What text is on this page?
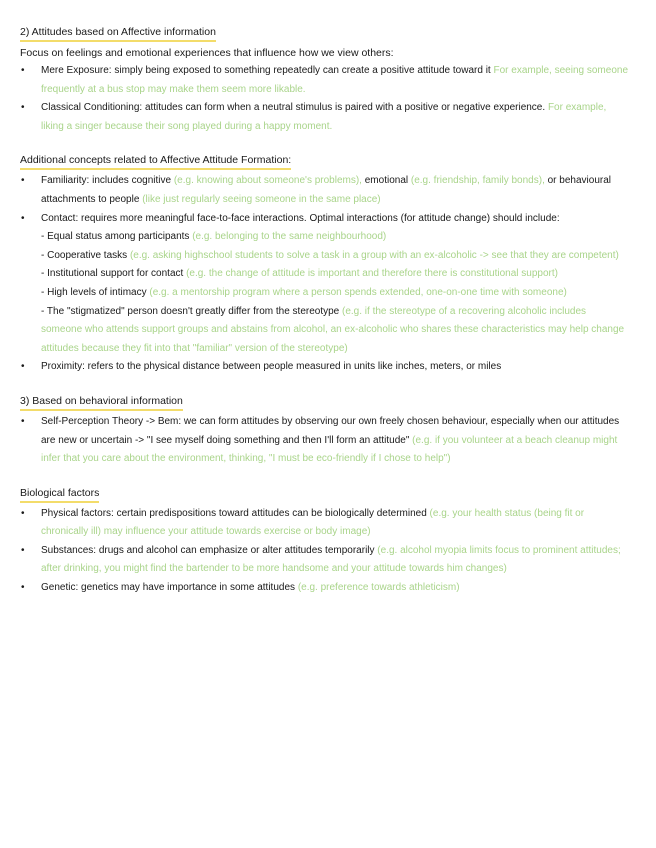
2) Attitudes based on Affective information

Focus on feelings and emotional experiences that influence how we view others:

• Mere Exposure: simply being exposed to something repeatedly can create a positive attitude toward it For example, seeing someone frequently at a bus stop may make them seem more likable.
• Classical Conditioning: attitudes can form when a neutral stimulus is paired with a positive or negative experience. For example, liking a singer because their song played during a happy moment.
Additional concepts related to Affective Attitude Formation:
• Familiarity: includes cognitive (e.g. knowing about someone's problems), emotional (e.g. friendship, family bonds), or behavioural attachments to people (like just regularly seeing someone in the same place)
• Contact: requires more meaningful face-to-face interactions. Optimal interactions (for attitude change) should include:
- Equal status among participants (e.g. belonging to the same neighbourhood)
- Cooperative tasks (e.g. asking highschool students to solve a task in a group with an ex-alcoholic -> see that they are competent)
- Institutional support for contact (e.g. the change of attitude is important and therefore there is constitutional support)
- High levels of intimacy (e.g. a mentorship program where a person spends extended, one-on-one time with someone)
- The "stigmatized" person doesn't greatly differ from the stereotype (e.g. if the stereotype of a recovering alcoholic includes someone who attends support groups and abstains from alcohol, an ex-alcoholic who shares these characteristics may help change attitudes because they fit into that "familiar" version of the stereotype)
• Proximity: refers to the physical distance between people measured in units like inches, meters, or miles
3) Based on behavioral information
• Self-Perception Theory -> Bem: we can form attitudes by observing our own freely chosen behaviour, especially when our attitudes are new or uncertain -> "I see myself doing something and then I'll form an attitude" (e.g. if you volunteer at a beach cleanup might infer that you care about the environment, thinking, "I must be eco-friendly if I chose to help")
Biological factors
• Physical factors: certain predispositions toward attitudes can be biologically determined (e.g. your health status (being fit or chronically ill) may influence your attitude towards exercise or body image)
• Substances: drugs and alcohol can emphasize or alter attitudes temporarily (e.g. alcohol myopia limits focus to prominent attitudes; after drinking, you might find the bartender to be more handsome and your attitude towards him changes)
• Genetic: genetics may have importance in some attitudes (e.g. preference towards athleticism)
